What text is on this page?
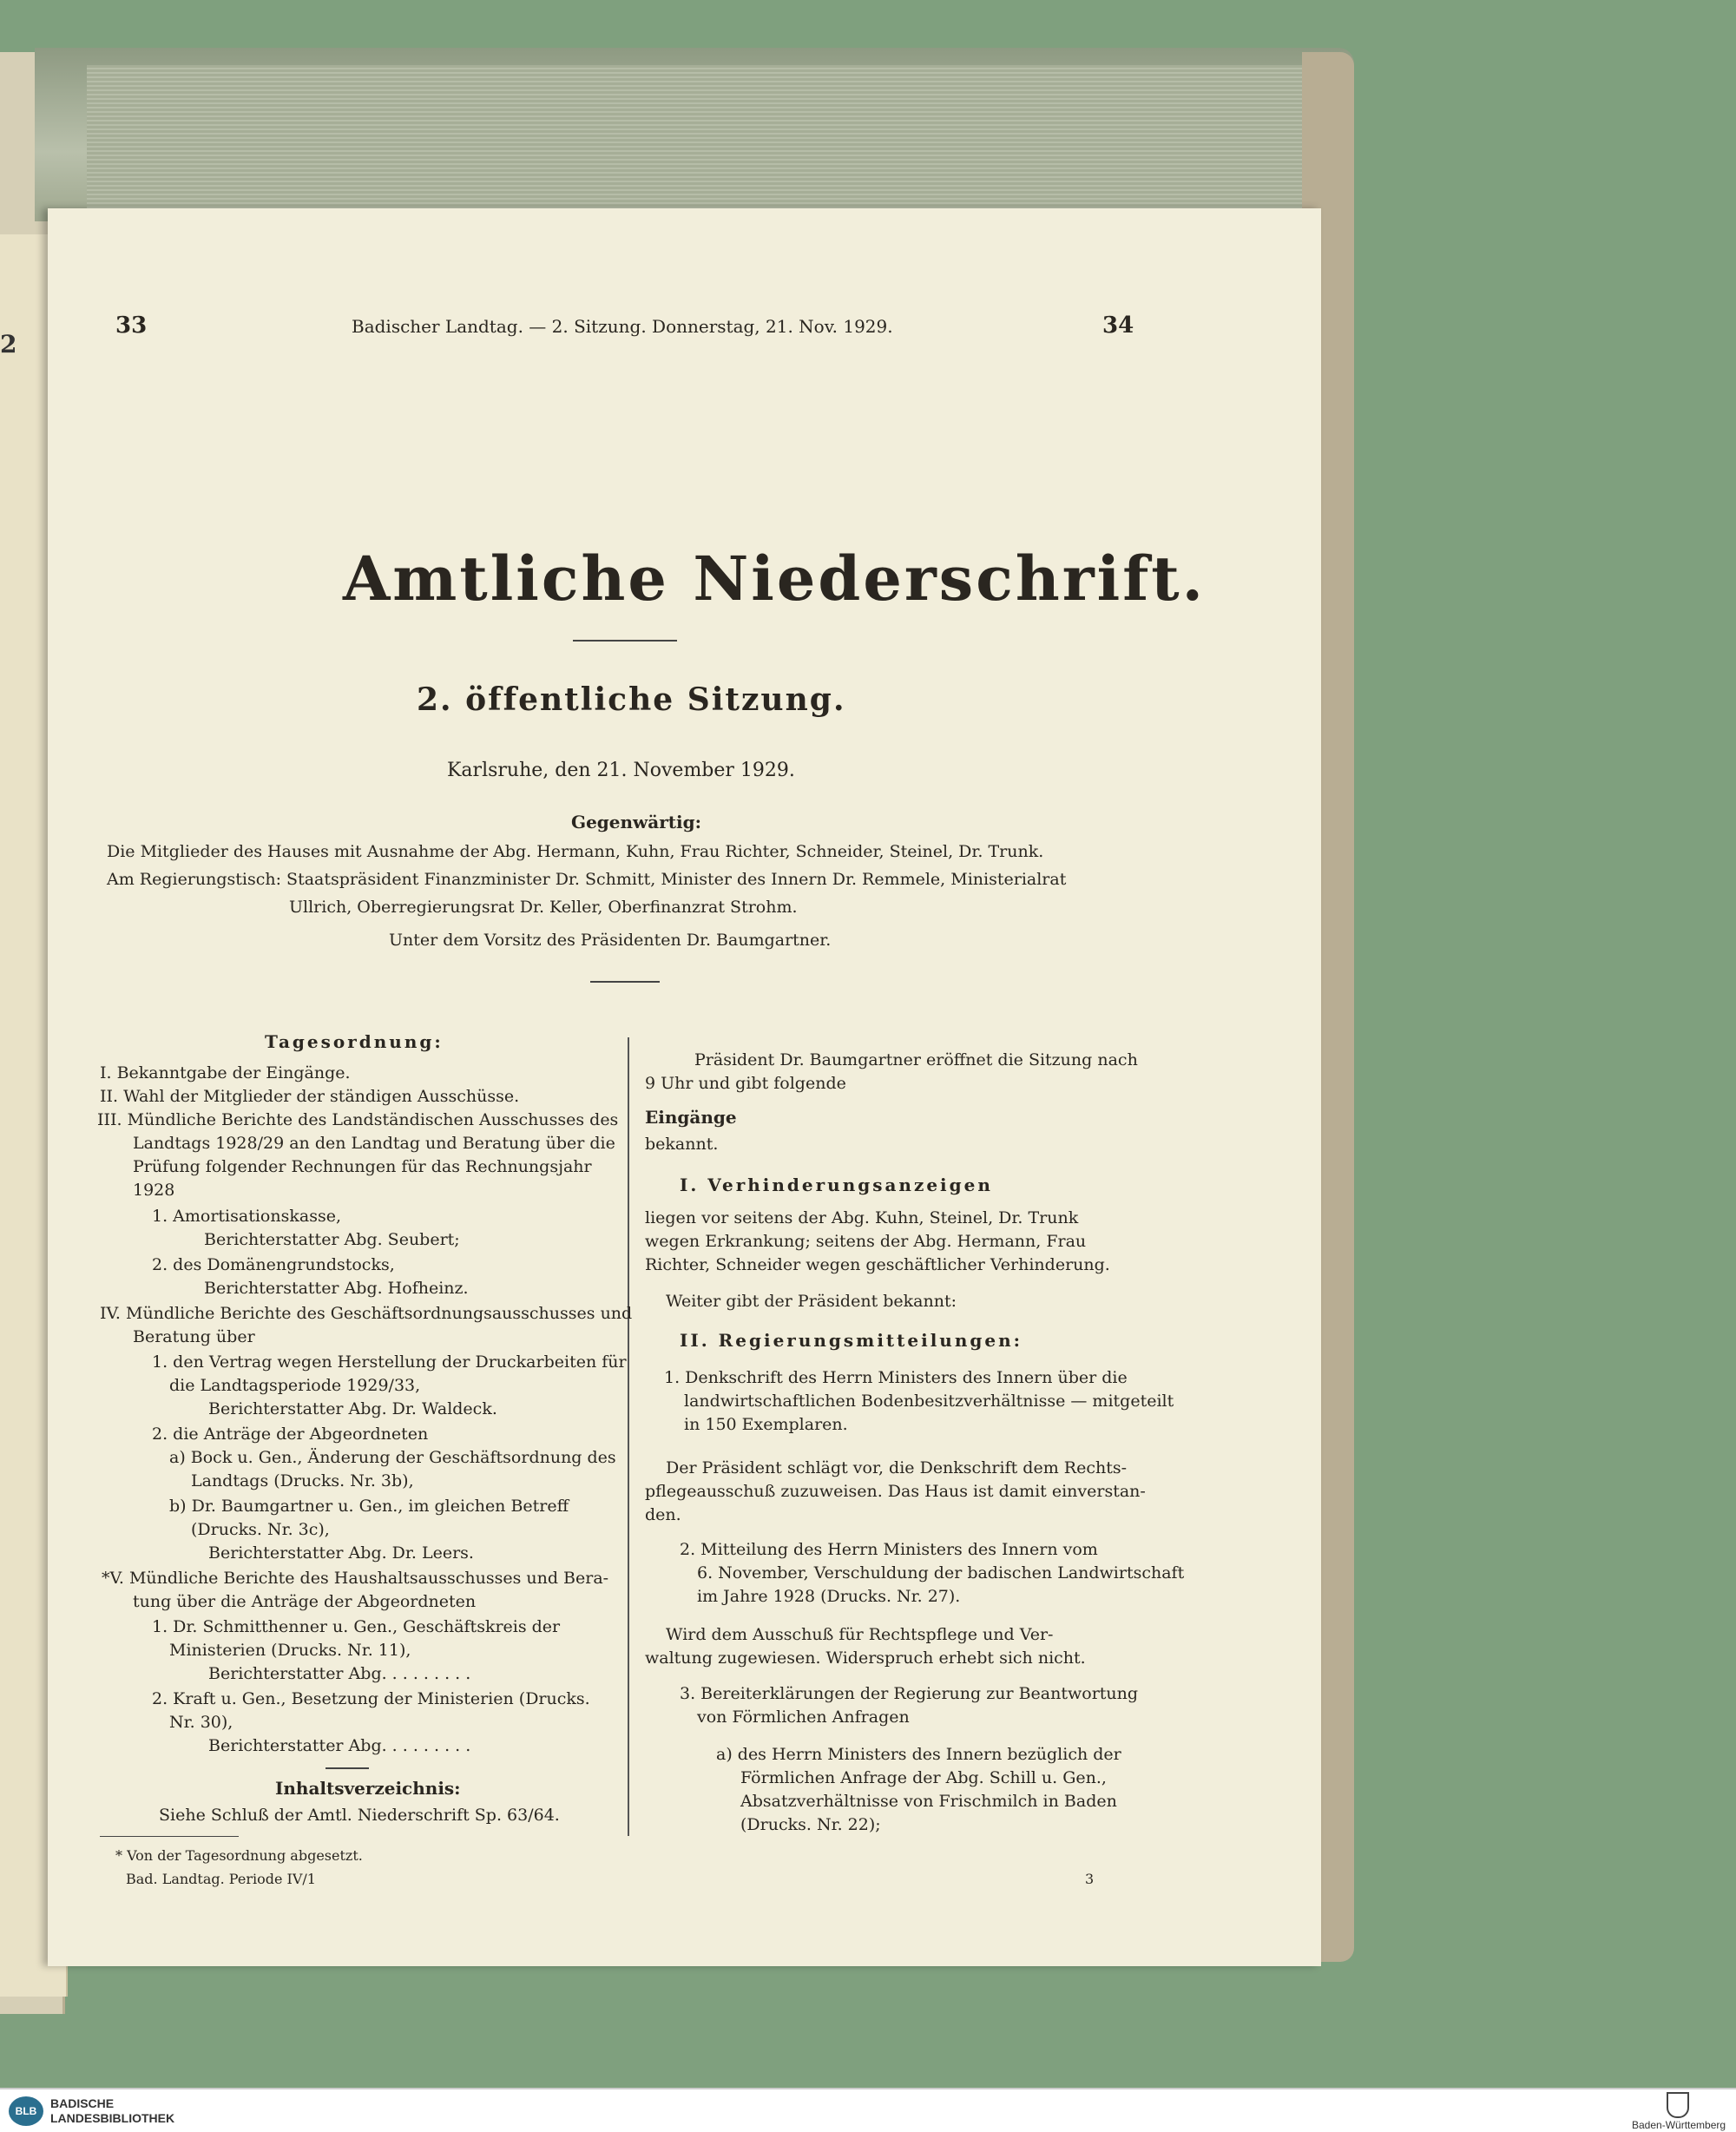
2
33	Badischer Landtag. — 2. Sitzung. Donnerstag, 21. Nov. 1929.	34
Amtliche Niederschrift.
2. öffentliche Sitzung.
Karlsruhe, den 21. November 1929.
Gegenwärtig:
Die Mitglieder des Hauses mit Ausnahme der Abg. Hermann, Kuhn, Frau Richter, Schneider, Steinel, Dr. Trunk.
Am Regierungstisch: Staatspräsident Finanzminister Dr. Schmitt, Minister des Innern Dr. Remmele, Ministerialrat
Ullrich, Oberregierungsrat Dr. Keller, Oberfinanzrat Strohm.
Unter dem Vorsitz des Präsidenten Dr. Baumgartner.
Tagesordnung:
I. Bekanntgabe der Eingänge.
II. Wahl der Mitglieder der ständigen Ausschüsse.
III. Mündliche Berichte des Landständischen Ausschusses des
Landtags 1928/29 an den Landtag und Beratung über die
Prüfung folgender Rechnungen für das Rechnungsjahr
1928
1. Amortisationskasse,
Berichterstatter Abg. Seubert;
2. des Domänengrundstocks,
Berichterstatter Abg. Hofheinz.
IV. Mündliche Berichte des Geschäftsordnungsausschusses und
Beratung über
1. den Vertrag wegen Herstellung der Druckarbeiten für
die Landtagsperiode 1929/33,
Berichterstatter Abg. Dr. Waldeck.
2. die Anträge der Abgeordneten
a) Bock u. Gen., Änderung der Geschäftsordnung des
Landtags (Drucks. Nr. 3b),
b) Dr. Baumgartner u. Gen., im gleichen Betreff
(Drucks. Nr. 3c),
Berichterstatter Abg. Dr. Leers.
*V. Mündliche Berichte des Haushaltsausschusses und Bera-
tung über die Anträge der Abgeordneten
1. Dr. Schmitthenner u. Gen., Geschäftskreis der
Ministerien (Drucks. Nr. 11),
Berichterstatter Abg. . . . . . . . .
2. Kraft u. Gen., Besetzung der Ministerien (Drucks.
Nr. 30),
Berichterstatter Abg. . . . . . . . .
Inhaltsverzeichnis:
Siehe Schluß der Amtl. Niederschrift Sp. 63/64.
* Von der Tagesordnung abgesetzt.
Bad. Landtag. Periode IV/1
Präsident Dr. Baumgartner eröffnet die Sitzung nach
9 Uhr und gibt folgende
Eingänge
bekannt.
I. Verhinderungsanzeigen
liegen vor seitens der Abg. Kuhn, Steinel, Dr. Trunk
wegen Erkrankung; seitens der Abg. Hermann, Frau
Richter, Schneider wegen geschäftlicher Verhinderung.
Weiter gibt der Präsident bekannt:
II. Regierungsmitteilungen:
1. Denkschrift des Herrn Ministers des Innern über die
landwirtschaftlichen Bodenbesitzverhältnisse — mitgeteilt
in 150 Exemplaren.
Der Präsident schlägt vor, die Denkschrift dem Rechts-
pflegeausschuß zuzuweisen. Das Haus ist damit einverstan-
den.
2. Mitteilung des Herrn Ministers des Innern vom
6. November, Verschuldung der badischen Landwirtschaft
im Jahre 1928 (Drucks. Nr. 27).
Wird dem Ausschuß für Rechtspflege und Ver-
waltung zugewiesen. Widerspruch erhebt sich nicht.
3. Bereiterklärungen der Regierung zur Beantwortung
von Förmlichen Anfragen
a) des Herrn Ministers des Innern bezüglich der
Förmlichen Anfrage der Abg. Schill u. Gen.,
Absatzverhältnisse von Frischmilch in Baden
(Drucks. Nr. 22);
3
BLB
BADISCHE
LANDESBIBLIOTHEK	Baden-Württemberg
